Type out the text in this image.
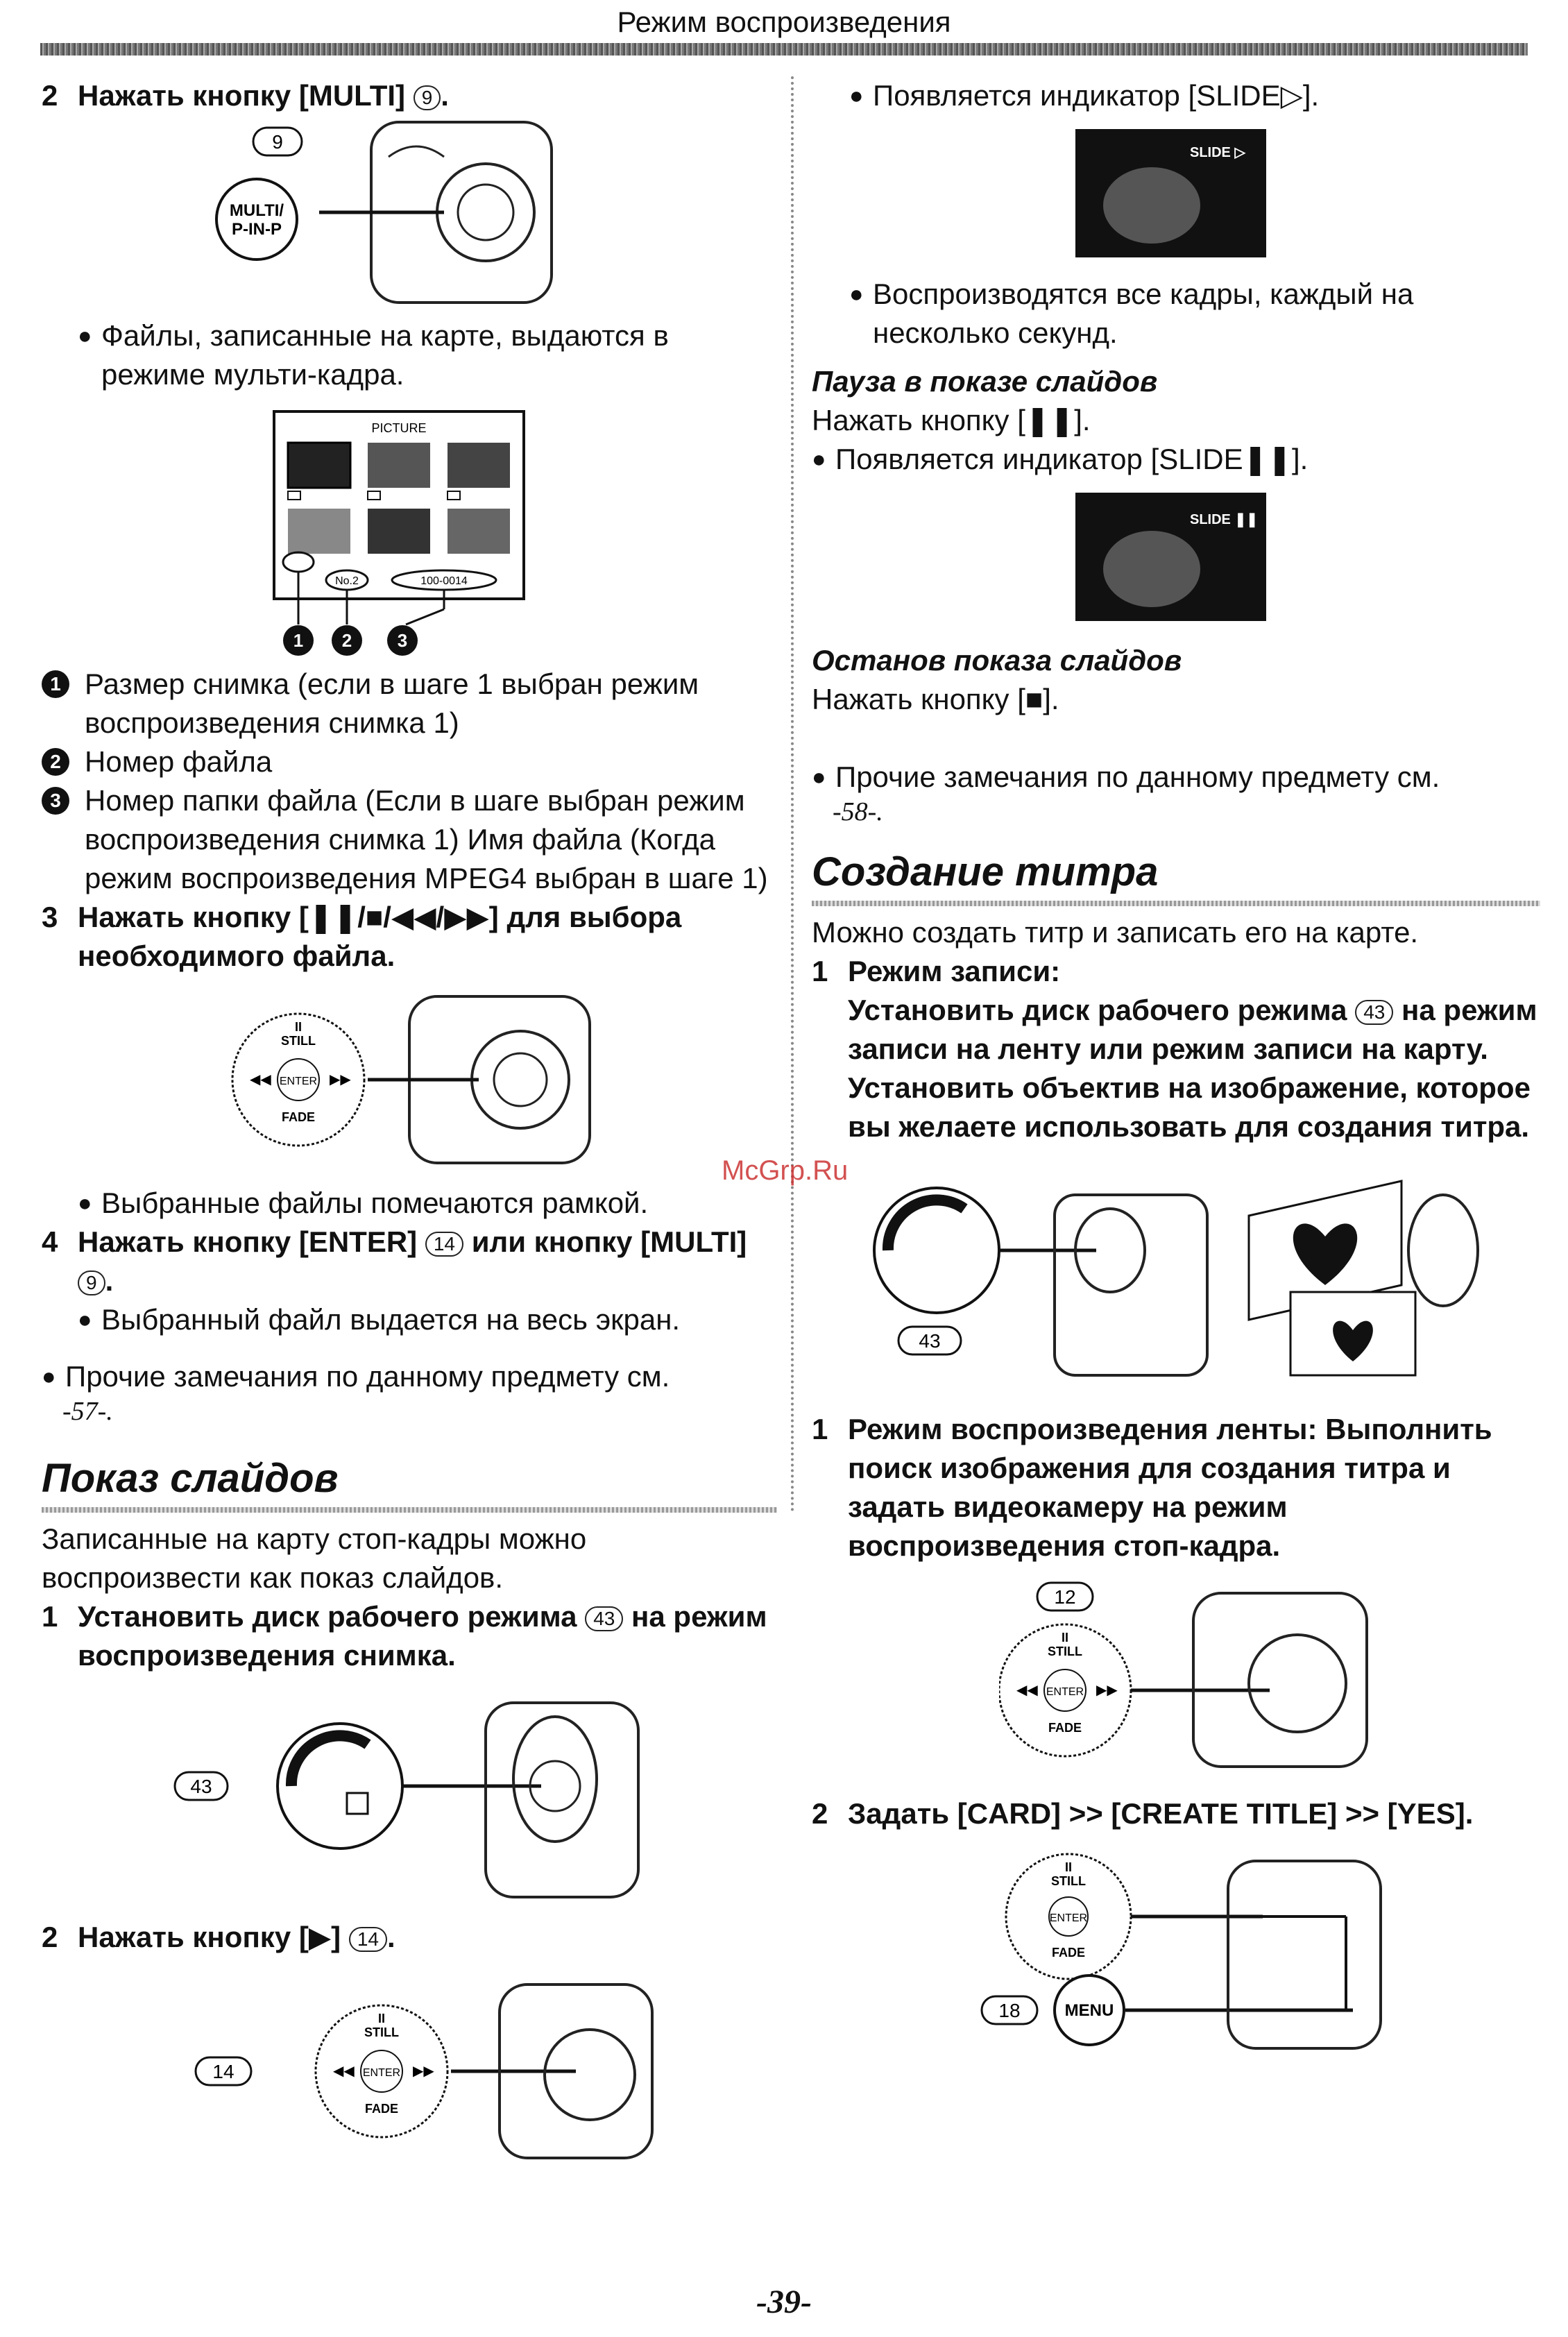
Режим воспроизведения
2 Нажать кнопку [MULTI] 9 .
9
MULTI/
P-IN-P
● Файлы, записанные на карте, выдаются в режиме мульти-кадра.
PICTURE
No.2	100-0014
1 2	3
1 Размер снимка (если в шаге 1 выбран режим воспроизведения снимка 1)
2 Номер файла
3 Номер папки файла (Если в шаге выбран режим воспроизведения снимка 1) Имя файла (Когда режим воспроизведения MPEG4 выбран в шаге 1)
3 Нажать кнопку [❚❚/■/◀◀/▶▶] для выбора необходимого файла.
II
STILL
ENTER
FADE
◀◀	▶▶
● Выбранные файлы помечаются рамкой.
4 Нажать кнопку [ENTER] 14 или кнопку [MULTI] 9 .
● Выбранный файл выдается на весь экран.
● Прочие замечания по данному предмету см.
-57-.
Показ слайдов
Записанные на карту стоп-кадры можно воспроизвести как показ слайдов.
1 Установить диск рабочего режима 43 на режим воспроизведения снимка.
43
2 Нажать кнопку [▶] 14 .
14
II
STILL
ENTER
FADE
◀◀	▶▶
● Появляется индикатор [SLIDE▷].
SLIDE ▷
● Воспроизводятся все кадры, каждый на несколько секунд.
Пауза в показе слайдов
Нажать кнопку [❚❚].
● Появляется индикатор [SLIDE❚❚].
SLIDE ❚❚
Останов показа слайдов
Нажать кнопку [■].
● Прочие замечания по данному предмету см.
-58-.
Создание титра
Можно создать титр и записать его на карте.
1 Режим записи:
Установить диск рабочего режима 43 на режим записи на ленту или режим записи на карту.
Установить объектив на изображение, которое вы желаете использовать для создания титра.
43
1 Режим воспроизведения ленты: Выполнить поиск изображения для создания титра и задать видеокамеру на режим воспроизведения стоп-кадра.
12
II
STILL
ENTER
FADE
◀◀	▶▶
2 Задать [CARD] >> [CREATE TITLE] >> [YES].
II
STILL
ENTER
FADE
18	MENU
McGrp.Ru
-39-
